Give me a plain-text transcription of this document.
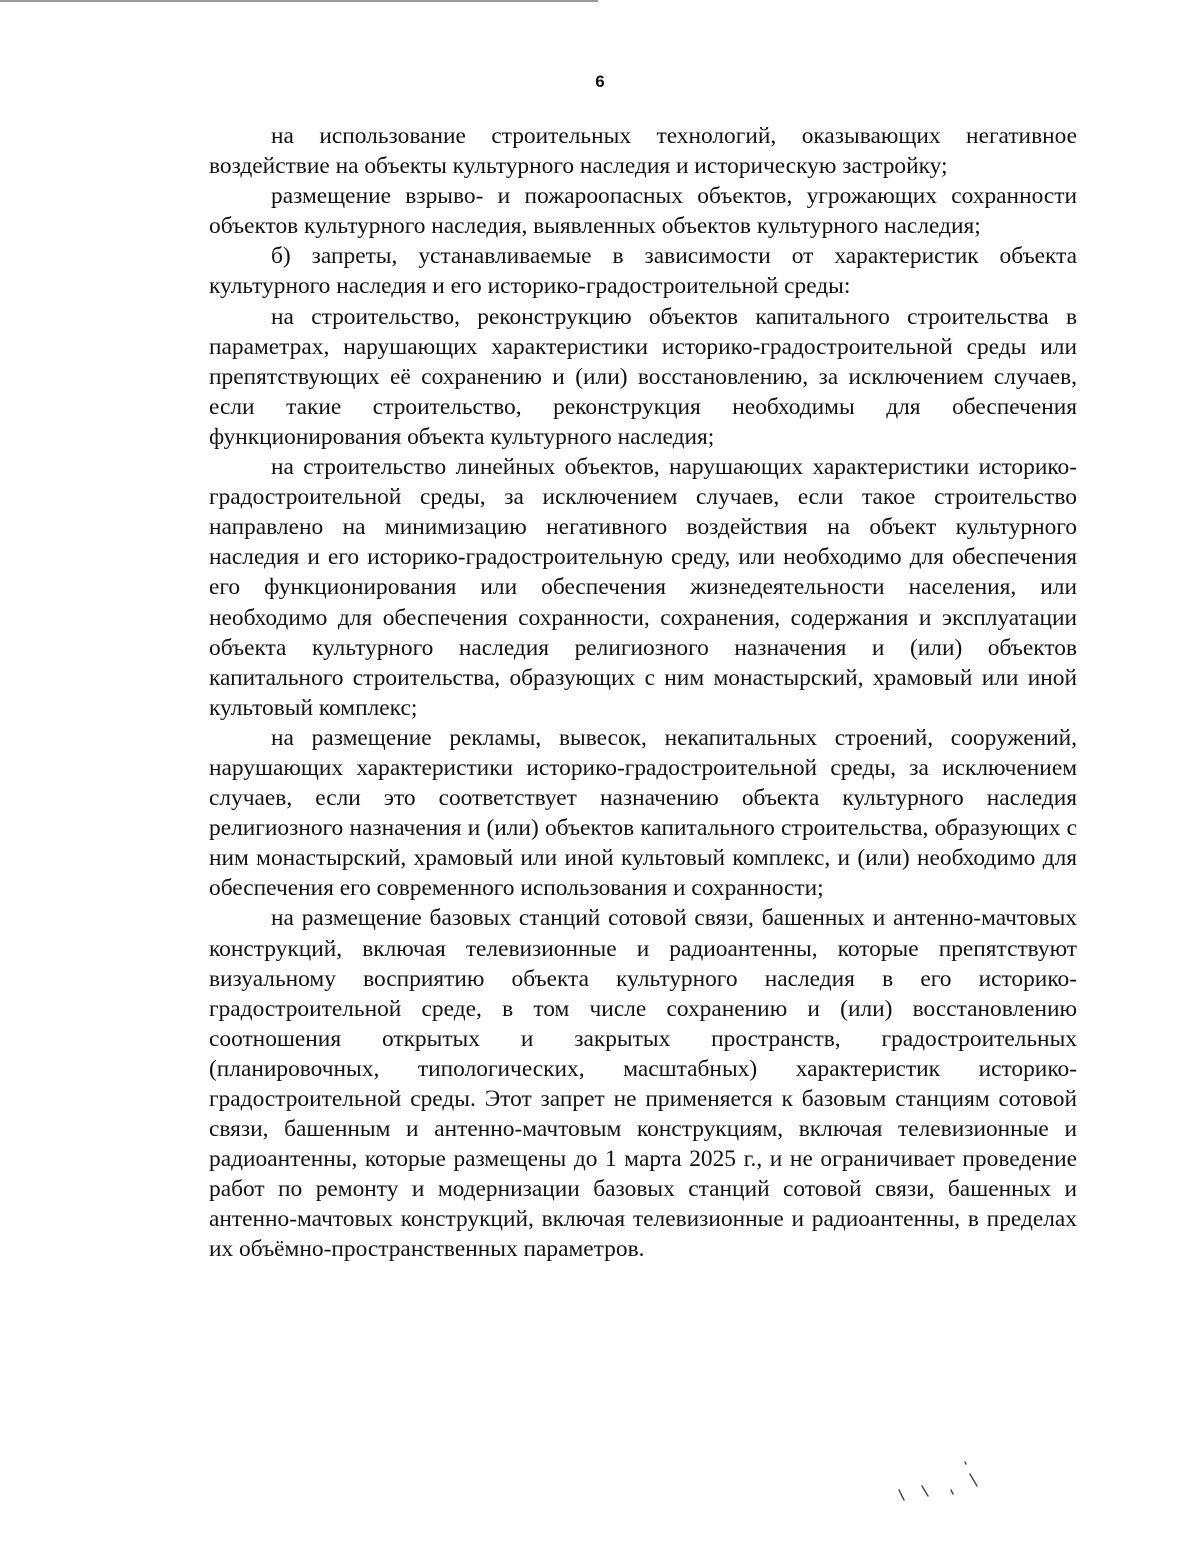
6

на использование строительных технологий, оказывающих негативное воздействие на объекты культурного наследия и историческую застройку;

размещение взрыво- и пожароопасных объектов, угрожающих сохранности объектов культурного наследия, выявленных объектов культурного наследия;

б) запреты, устанавливаемые в зависимости от характеристик объекта культурного наследия и его историко-градостроительной среды:

на строительство, реконструкцию объектов капитального строительства в параметрах, нарушающих характеристики историко-градостроительной среды или препятствующих её сохранению и (или) восстановлению, за исключением случаев, если такие строительство, реконструкция необходимы для обеспечения функционирования объекта культурного наследия;

на строительство линейных объектов, нарушающих характеристики историко-градостроительной среды, за исключением случаев, если такое строительство направлено на минимизацию негативного воздействия на объект культурного наследия и его историко-градостроительную среду, или необходимо для обеспечения его функционирования или обеспечения жизнедеятельности населения, или необходимо для обеспечения сохранности, сохранения, содержания и эксплуатации объекта культурного наследия религиозного назначения и (или) объектов капитального строительства, образующих с ним монастырский, храмовый или иной культовый комплекс;

на размещение рекламы, вывесок, некапитальных строений, сооружений, нарушающих характеристики историко-градостроительной среды, за исключением случаев, если это соответствует назначению объекта культурного наследия религиозного назначения и (или) объектов капитального строительства, образующих с ним монастырский, храмовый или иной культовый комплекс, и (или) необходимо для обеспечения его современного использования и сохранности;

на размещение базовых станций сотовой связи, башенных и антенно-мачтовых конструкций, включая телевизионные и радиоантенны, которые препятствуют визуальному восприятию объекта культурного наследия в его историко-градостроительной среде, в том числе сохранению и (или) восстановлению соотношения открытых и закрытых пространств, градостроительных (планировочных, типологических, масштабных) характеристик историко-градостроительной среды. Этот запрет не применяется к базовым станциям сотовой связи, башенным и антенно-мачтовым конструкциям, включая телевизионные и радиоантенны, которые размещены до 1 марта 2025 г., и не ограничивает проведение работ по ремонту и модернизации базовых станций сотовой связи, башенных и антенно-мачтовых конструкций, включая телевизионные и радиоантенны, в пределах их объёмно-пространственных параметров.
